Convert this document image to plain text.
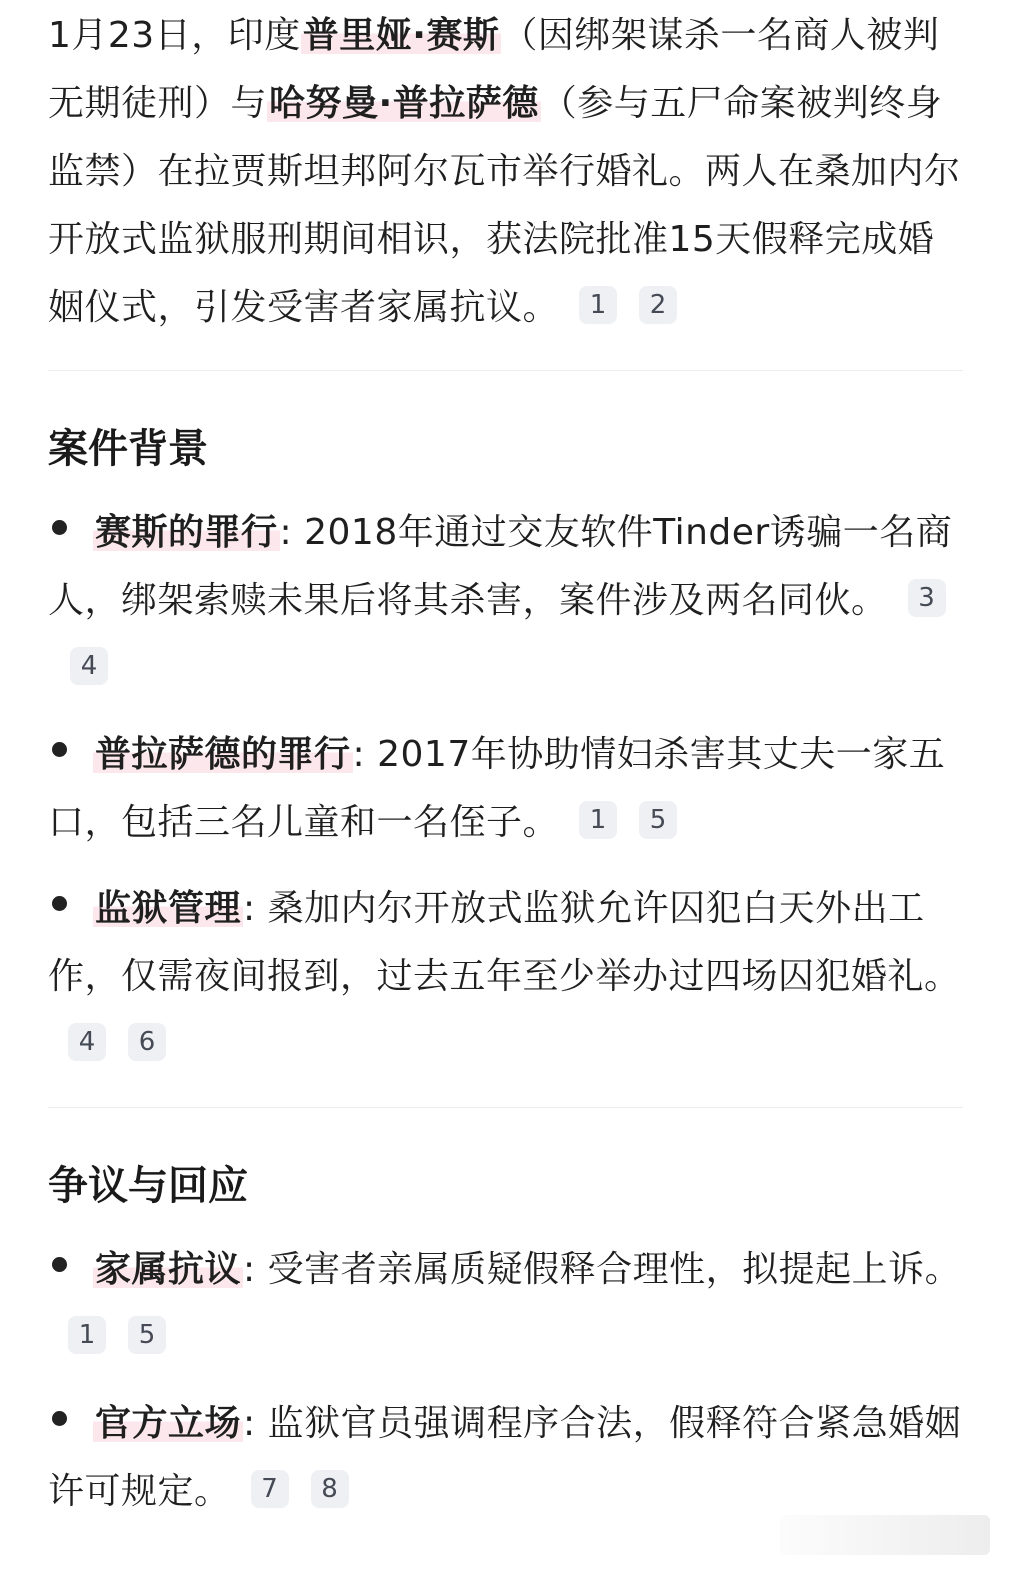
1月23日，印度普里娅·赛斯（因绑架谋杀一名商人被判无期徒刑）与哈努曼·普拉萨德（参与五尸命案被判终身监禁）在拉贾斯坦邦阿尔瓦市举行婚礼。两人在桑加内尔开放式监狱服刑期间相识，获法院批准15天假释完成婚姻仪式，引发受害者家属抗议。 1 2

案件背景

赛斯的罪行: 2018年通过交友软件Tinder诱骗一名商人，绑架索赎未果后将其杀害，案件涉及两名同伙。 34

普拉萨德的罪行: 2017年协助情妇杀害其丈夫一家五口，包括三名儿童和一名侄子。 1 5

监狱管理: 桑加内尔开放式监狱允许囚犯白天外出工作，仅需夜间报到，过去五年至少举办过四场囚犯婚礼。4 6

争议与回应

家属抗议: 受害者亲属质疑假释合理性，拟提起上诉。1 5

官方立场: 监狱官员强调程序合法，假释符合紧急婚姻许可规定。 7 8
